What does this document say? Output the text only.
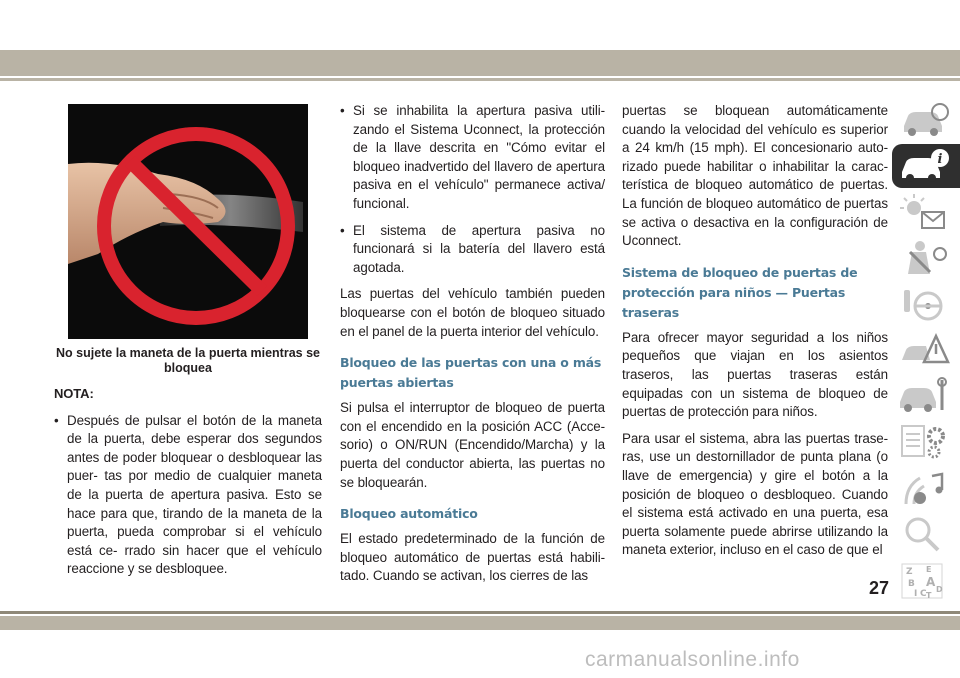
No sujete la maneta de la puerta mientras se bloquea
NOTA:
• Después de pulsar el botón de la maneta de la puerta, debe esperar dos segundos antes de poder bloquear o desbloquear las puer- tas por medio de cualquier maneta de la puerta de apertura pasiva. Esto se hace para que, tirando de la maneta de la puerta, pueda comprobar si el vehículo está ce- rrado sin hacer que el vehículo reaccione y se desbloquee.
• Si se inhabilita la apertura pasiva utili- zando el Sistema Uconnect, la protección de la llave descrita en "Cómo evitar el bloqueo inadvertido del llavero de apertura pasiva en el vehículo" permanece activa/ funcional.
• El sistema de apertura pasiva no funcionará si la batería del llavero está agotada.

Las puertas del vehículo también pueden bloquearse con el botón de bloqueo situado en el panel de la puerta interior del vehículo.

Bloqueo de las puertas con una o más puertas abiertas

Si pulsa el interruptor de bloqueo de puerta con el encendido en la posición ACC (Acce- sorio) o ON/RUN (Encendido/Marcha) y la puerta del conductor abierta, las puertas no se bloquearán.

Bloqueo automático

El estado predeterminado de la función de bloqueo automático de puertas está habili- tado. Cuando se activan, los cierres de las

puertas se bloquean automáticamente cuando la velocidad del vehículo es superior a 24 km/h (15 mph). El concesionario auto- rizado puede habilitar o inhabilitar la carac- terística de bloqueo automático de puertas. La función de bloqueo automático de puertas se activa o desactiva en la configuración de Uconnect.

Sistema de bloqueo de puertas de protección para niños — Puertas traseras

Para ofrecer mayor seguridad a los niños pequeños que viajan en los asientos traseros, las puertas traseras están equipadas con un sistema de bloqueo de puertas de protección para niños.

Para usar el sistema, abra las puertas trase- ras, use un destornillador de punta plana (o llave de emergencia) y gire el botón a la posición de bloqueo o desbloqueo. Cuando el sistema está activado en una puerta, esa puerta solamente puede abrirse utilizando la maneta exterior, incluso en el caso de que el

i
Z E
B A
I C D
T
27
carmanualsonline.info
